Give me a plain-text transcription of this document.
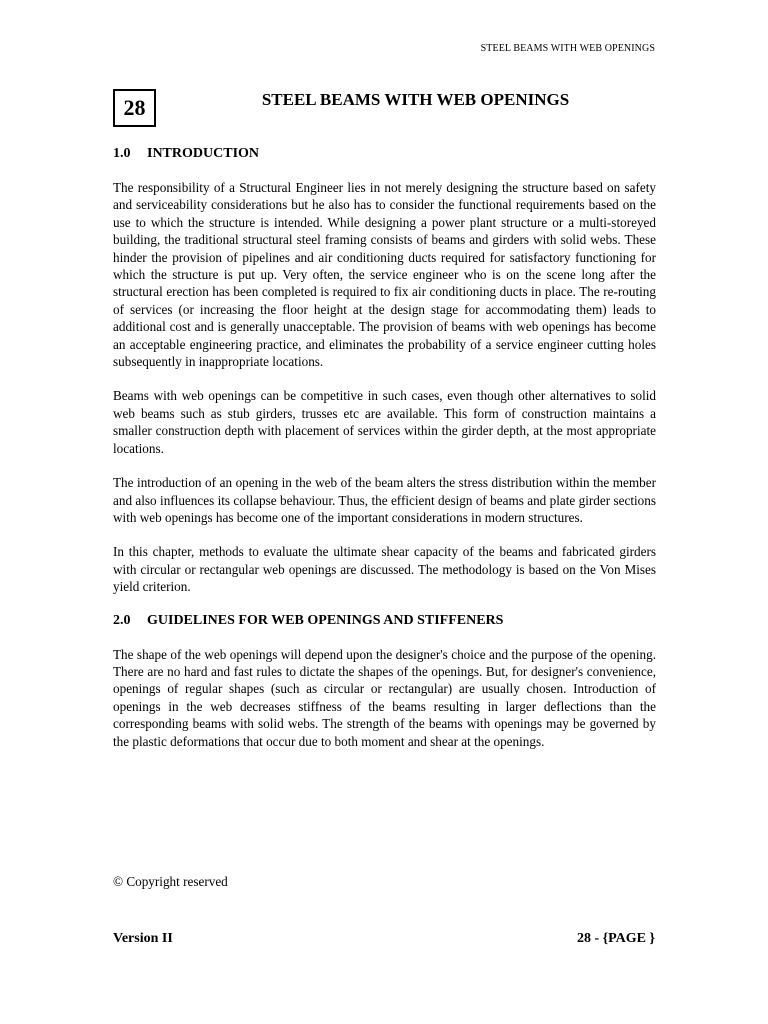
STEEL BEAMS WITH WEB OPENINGS
28	STEEL BEAMS WITH WEB OPENINGS
1.0 INTRODUCTION

The responsibility of a Structural Engineer lies in not merely designing the structure based on safety and serviceability considerations but he also has to consider the functional requirements based on the use to which the structure is intended. While designing a power plant structure or a multi-storeyed building, the traditional structural steel framing consists of beams and girders with solid webs. These hinder the provision of pipelines and air conditioning ducts required for satisfactory functioning for which the structure is put up. Very often, the service engineer who is on the scene long after the structural erection has been completed is required to fix air conditioning ducts in place. The re-routing of services (or increasing the floor height at the design stage for accommodating them) leads to additional cost and is generally unacceptable. The provision of beams with web openings has become an acceptable engineering practice, and eliminates the probability of a service engineer cutting holes subsequently in inappropriate locations.

Beams with web openings can be competitive in such cases, even though other alternatives to solid web beams such as stub girders, trusses etc are available. This form of construction maintains a smaller construction depth with placement of services within the girder depth, at the most appropriate locations.

The introduction of an opening in the web of the beam alters the stress distribution within the member and also influences its collapse behaviour. Thus, the efficient design of beams and plate girder sections with web openings has become one of the important considerations in modern structures.

In this chapter, methods to evaluate the ultimate shear capacity of the beams and fabricated girders with circular or rectangular web openings are discussed. The methodology is based on the Von Mises yield criterion.

2.0 GUIDELINES FOR WEB OPENINGS AND STIFFENERS

The shape of the web openings will depend upon the designer's choice and the purpose of the opening. There are no hard and fast rules to dictate the shapes of the openings. But, for designer's convenience, openings of regular shapes (such as circular or rectangular) are usually chosen. Introduction of openings in the web decreases stiffness of the beams resulting in larger deflections than the corresponding beams with solid webs. The strength of the beams with openings may be governed by the plastic deformations that occur due to both moment and shear at the openings.

© Copyright reserved
Version II	28 - {PAGE }
